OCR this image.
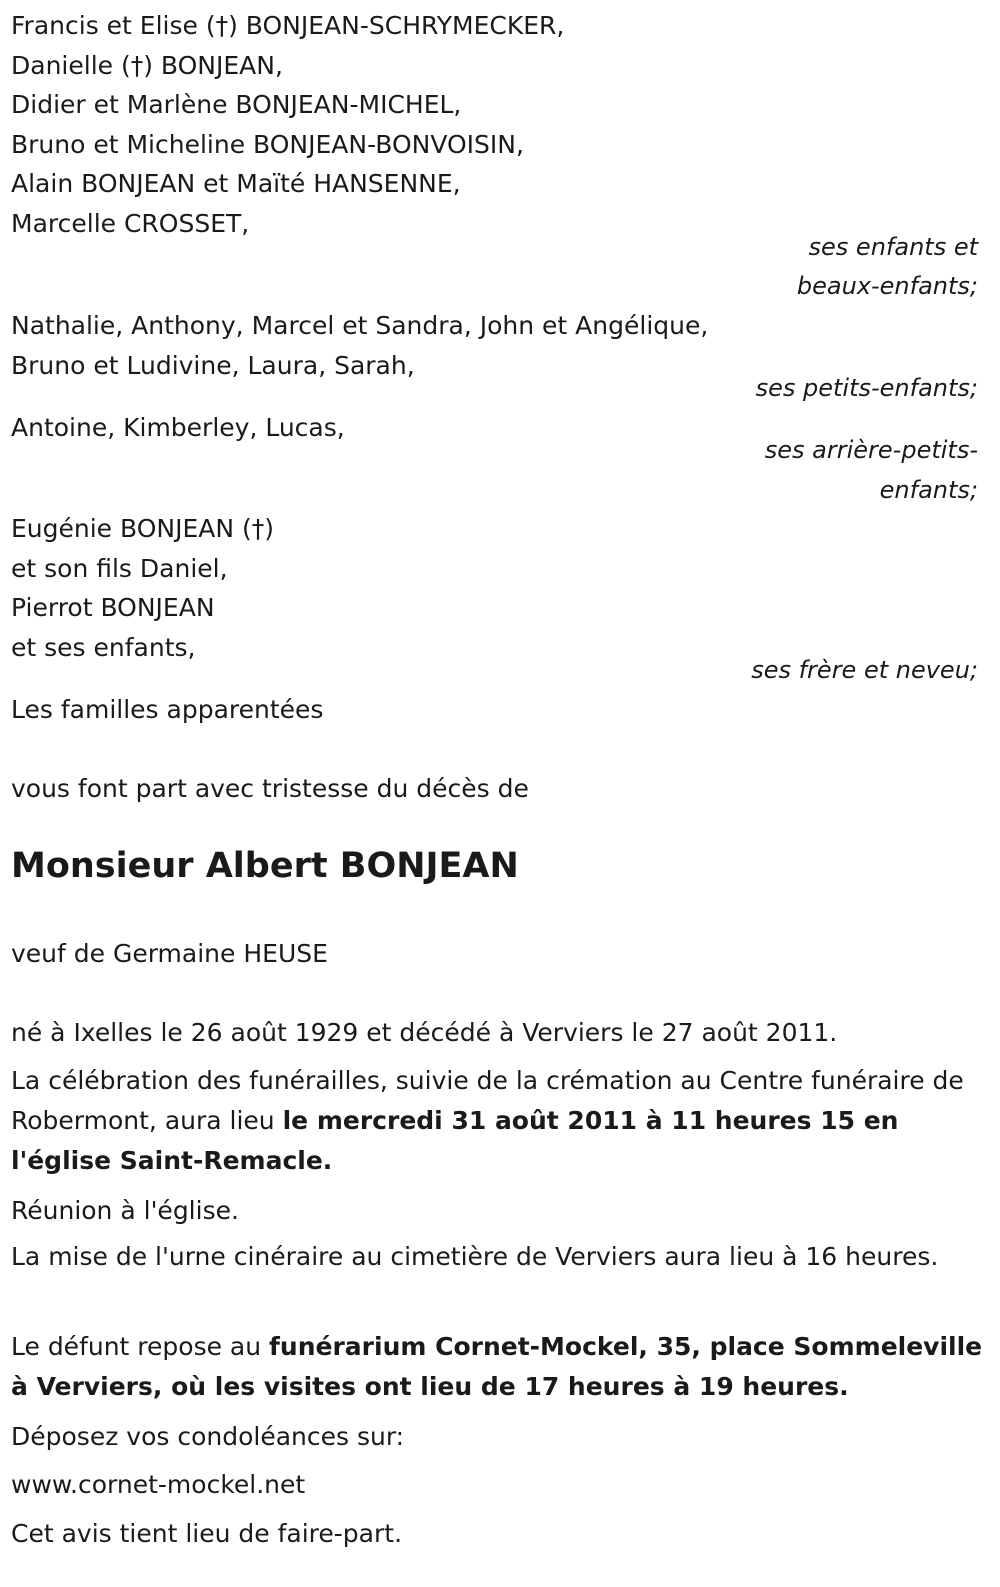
Francis et Elise (†) BONJEAN-SCHRYMECKER,
Danielle (†) BONJEAN,
Didier et Marlène BONJEAN-MICHEL,
Bruno et Micheline BONJEAN-BONVOISIN,
Alain BONJEAN et Maïté HANSENNE,
Marcelle CROSSET,
ses enfants et
beaux-enfants;
Nathalie, Anthony, Marcel et Sandra, John et Angélique,
Bruno et Ludivine, Laura, Sarah,
ses petits-enfants;
Antoine, Kimberley, Lucas,
ses arrière-petits-
enfants;
Eugénie BONJEAN (†)
et son fils Daniel,
Pierrot BONJEAN
et ses enfants,
ses frère et neveu;
Les familles apparentées
vous font part avec tristesse du décès de
Monsieur Albert BONJEAN
veuf de Germaine HEUSE
né à Ixelles le 26 août 1929 et décédé à Verviers le 27 août 2011.
La célébration des funérailles, suivie de la crémation au Centre funéraire de Robermont, aura lieu le mercredi 31 août 2011 à 11 heures 15 en l'église Saint-Remacle.
Réunion à l'église.
La mise de l'urne cinéraire au cimetière de Verviers aura lieu à 16 heures.
Le défunt repose au funérarium Cornet-Mockel, 35, place Sommeleville à Verviers, où les visites ont lieu de 17 heures à 19 heures.
Déposez vos condoléances sur:
www.cornet-mockel.net
Cet avis tient lieu de faire-part.
